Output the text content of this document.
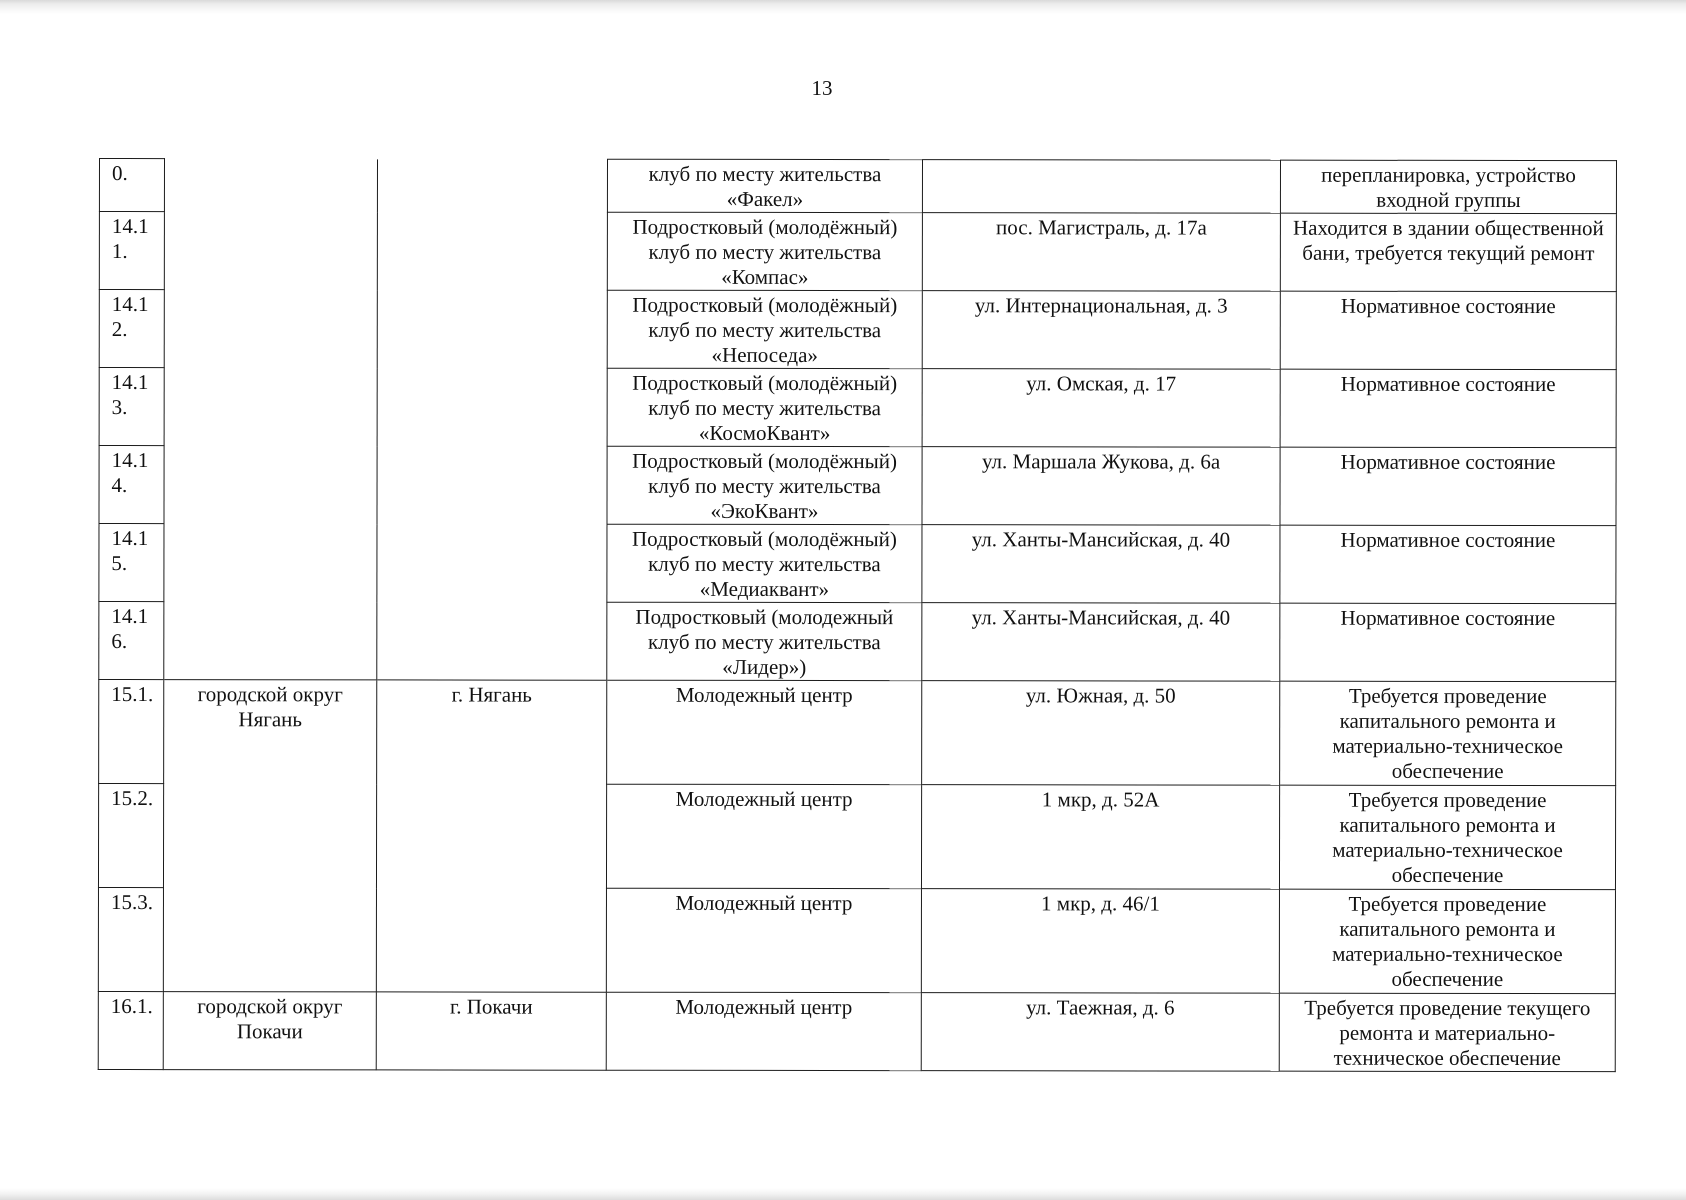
13
0.			клуб по месту жительства «Факел»		перепланировка, устройство входной группы
14.1 1.			Подростковый (молодёжный) клуб по месту жительства «Компас»	пос. Магистраль, д. 17а	Находится в здании общественной бани, требуется текущий ремонт
14.1 2.			Подростковый (молодёжный) клуб по месту жительства «Непоседа»	ул. Интернациональная, д. 3	Нормативное состояние
14.1 3.			Подростковый (молодёжный) клуб по месту жительства «КосмоКвант»	ул. Омская, д. 17	Нормативное состояние
14.1 4.			Подростковый (молодёжный) клуб по месту жительства «ЭкоКвант»	ул. Маршала Жукова, д. 6а	Нормативное состояние
14.1 5.			Подростковый (молодёжный) клуб по месту жительства «Медиаквант»	ул. Ханты-Мансийская, д. 40	Нормативное состояние
14.1 6.			Подростковый (молодежный клуб по месту жительства «Лидер»)	ул. Ханты-Мансийская, д. 40	Нормативное состояние
15.1.	городской округ Нягань	г. Нягань	Молодежный центр	ул. Южная, д. 50	Требуется проведение капитального ремонта и материально-техническое обеспечение
15.2.			Молодежный центр	1 мкр, д. 52А	Требуется проведение капитального ремонта и материально-техническое обеспечение
15.3.			Молодежный центр	1 мкр, д. 46/1	Требуется проведение капитального ремонта и материально-техническое обеспечение
16.1.	городской округ Покачи	г. Покачи	Молодежный центр	ул. Таежная, д. 6	Требуется проведение текущего ремонта и материально-техническое обеспечение
